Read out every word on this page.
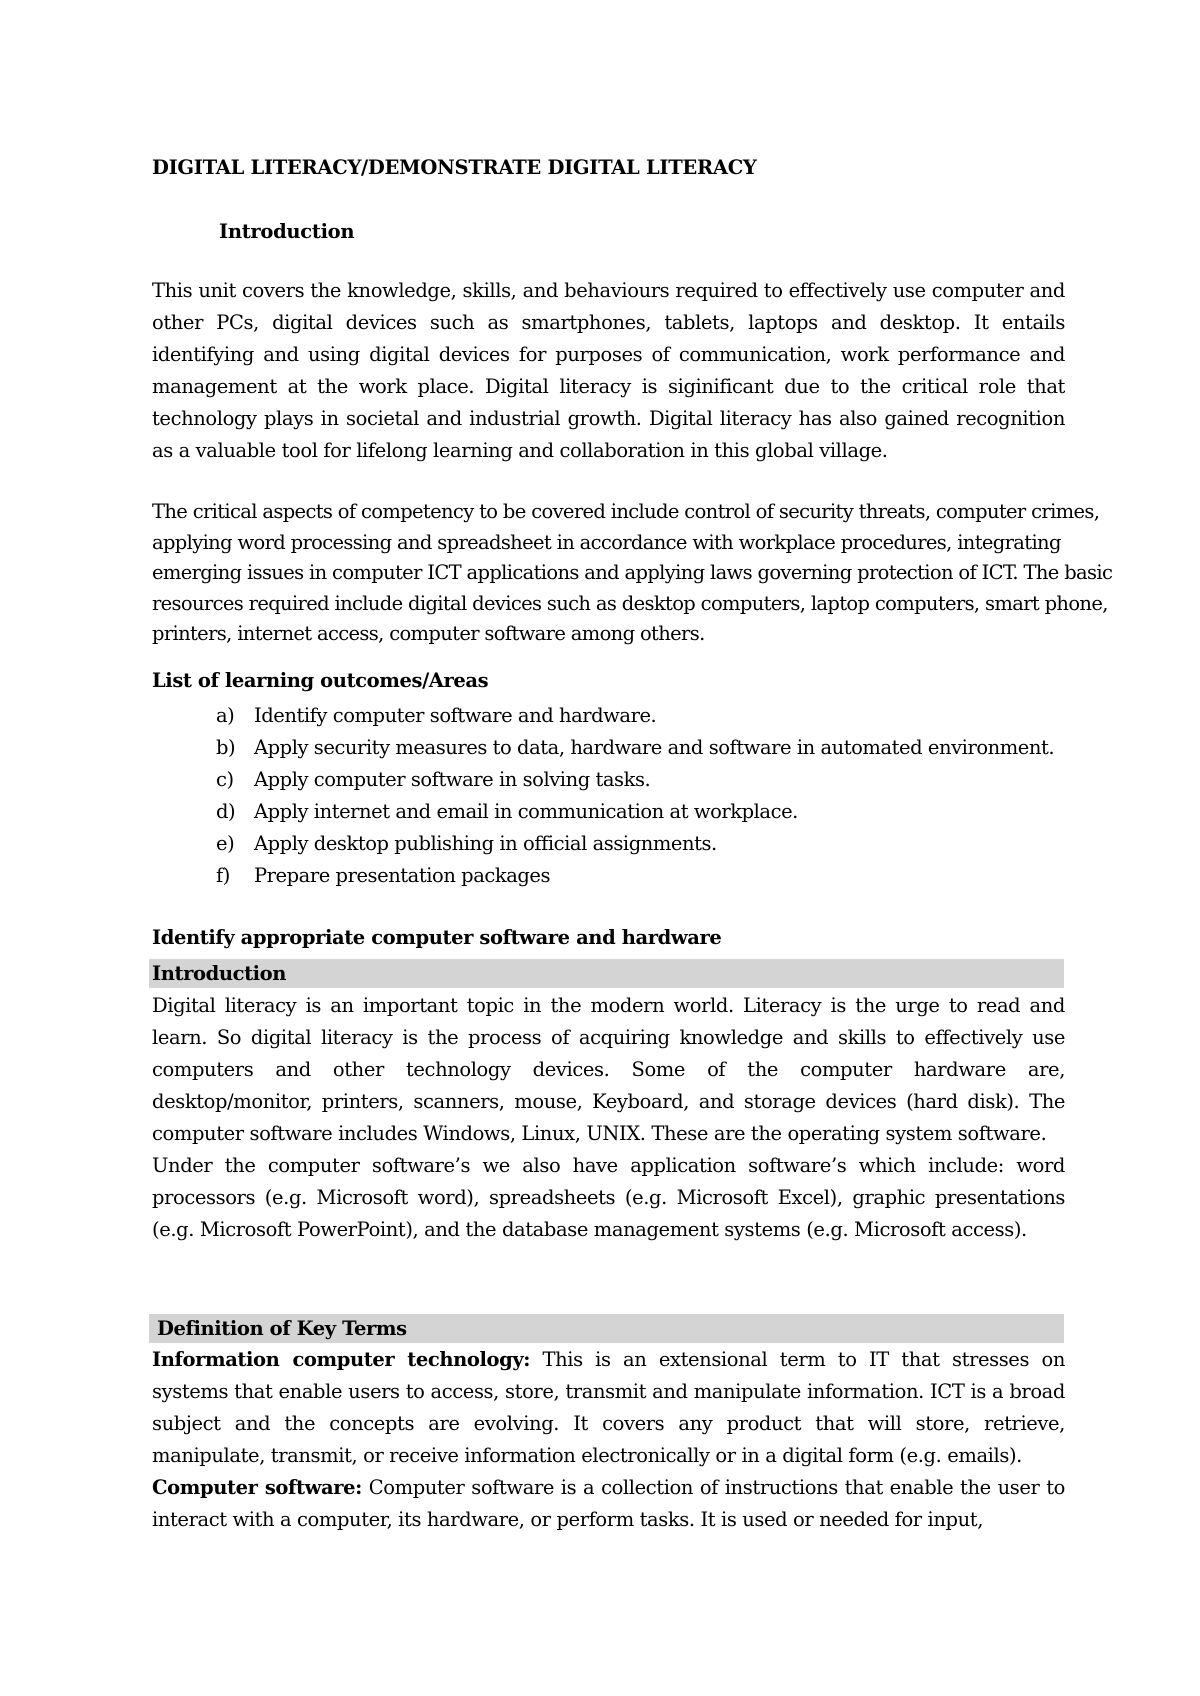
DIGITAL LITERACY/DEMONSTRATE DIGITAL LITERACY

Introduction

This unit covers the knowledge, skills, and behaviours required to effectively use computer and other PCs, digital devices such as smartphones, tablets, laptops and desktop. It entails identifying and using digital devices for purposes of communication, work performance and management at the work place. Digital literacy is siginificant due to the critical role that technology plays in societal and industrial growth. Digital literacy has also gained recognition as a valuable tool for lifelong learning and collaboration in this global village.

The critical aspects of competency to be covered include control of security threats, computer crimes, applying word processing and spreadsheet in accordance with workplace procedures, integrating emerging issues in computer ICT applications and applying laws governing protection of ICT. The basic resources required include digital devices such as desktop computers, laptop computers, smart phone, printers, internet access, computer software among others.

List of learning outcomes/Areas

a) Identify computer software and hardware.
b) Apply security measures to data, hardware and software in automated environment.
c) Apply computer software in solving tasks.
d) Apply internet and email in communication at workplace.
e) Apply desktop publishing in official assignments.
f) Prepare presentation packages

Identify appropriate computer software and hardware

Introduction

Digital literacy is an important topic in the modern world. Literacy is the urge to read and learn. So digital literacy is the process of acquiring knowledge and skills to effectively use computers and other technology devices. Some of the computer hardware are, desktop/monitor, printers, scanners, mouse, Keyboard, and storage devices (hard disk). The computer software includes Windows, Linux, UNIX. These are the operating system software.

Under the computer software’s we also have application software’s which include: word processors (e.g. Microsoft word), spreadsheets (e.g. Microsoft Excel), graphic presentations (e.g. Microsoft PowerPoint), and the database management systems (e.g. Microsoft access).

Definition of Key Terms

Information computer technology: This is an extensional term to IT that stresses on systems that enable users to access, store, transmit and manipulate information. ICT is a broad subject and the concepts are evolving. It covers any product that will store, retrieve, manipulate, transmit, or receive information electronically or in a digital form (e.g. emails).

Computer software: Computer software is a collection of instructions that enable the user to interact with a computer, its hardware, or perform tasks. It is used or needed for input,
